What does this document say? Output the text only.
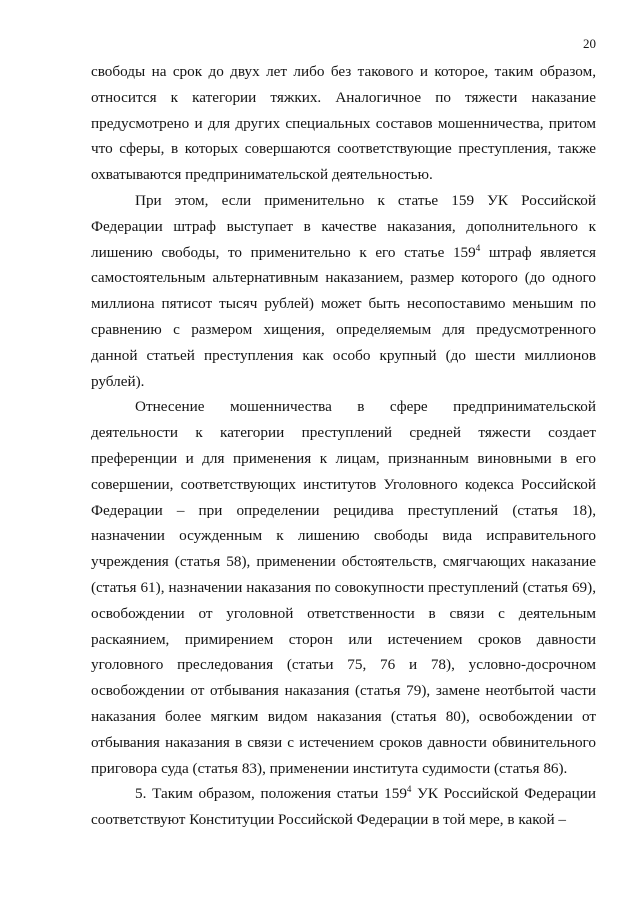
20

свободы на срок до двух лет либо без такового и которое, таким образом, относится к категории тяжких. Аналогичное по тяжести наказание предусмотрено и для других специальных составов мошенничества, притом что сферы, в которых совершаются соответствующие преступления, также охватываются предпринимательской деятельностью.

При этом, если применительно к статье 159 УК Российской Федерации штраф выступает в качестве наказания, дополнительного к лишению свободы, то применительно к его статье $159^4$ штраф является самостоятельным альтернативным наказанием, размер которого (до одного миллиона пятисот тысяч рублей) может быть несопоставимо меньшим по сравнению с размером хищения, определяемым для предусмотренного данной статьей преступления как особо крупный (до шести миллионов рублей).

Отнесение мошенничества в сфере предпринимательской деятельности к категории преступлений средней тяжести создает преференции и для применения к лицам, признанным виновными в его совершении, соответствующих институтов Уголовного кодекса Российской Федерации – при определении рецидива преступлений (статья 18), назначении осужденным к лишению свободы вида исправительного учреждения (статья 58), применении обстоятельств, смягчающих наказание (статья 61), назначении наказания по совокупности преступлений (статья 69), освобождении от уголовной ответственности в связи с деятельным раскаянием, примирением сторон или истечением сроков давности уголовного преследования (статьи 75, 76 и 78), условно-досрочном освобождении от отбывания наказания (статья 79), замене неотбытой части наказания более мягким видом наказания (статья 80), освобождении от отбывания наказания в связи с истечением сроков давности обвинительного приговора суда (статья 83), применении института судимости (статья 86).

5. Таким образом, положения статьи $159^4$ УК Российской Федерации соответствуют Конституции Российской Федерации в той мере, в какой –
